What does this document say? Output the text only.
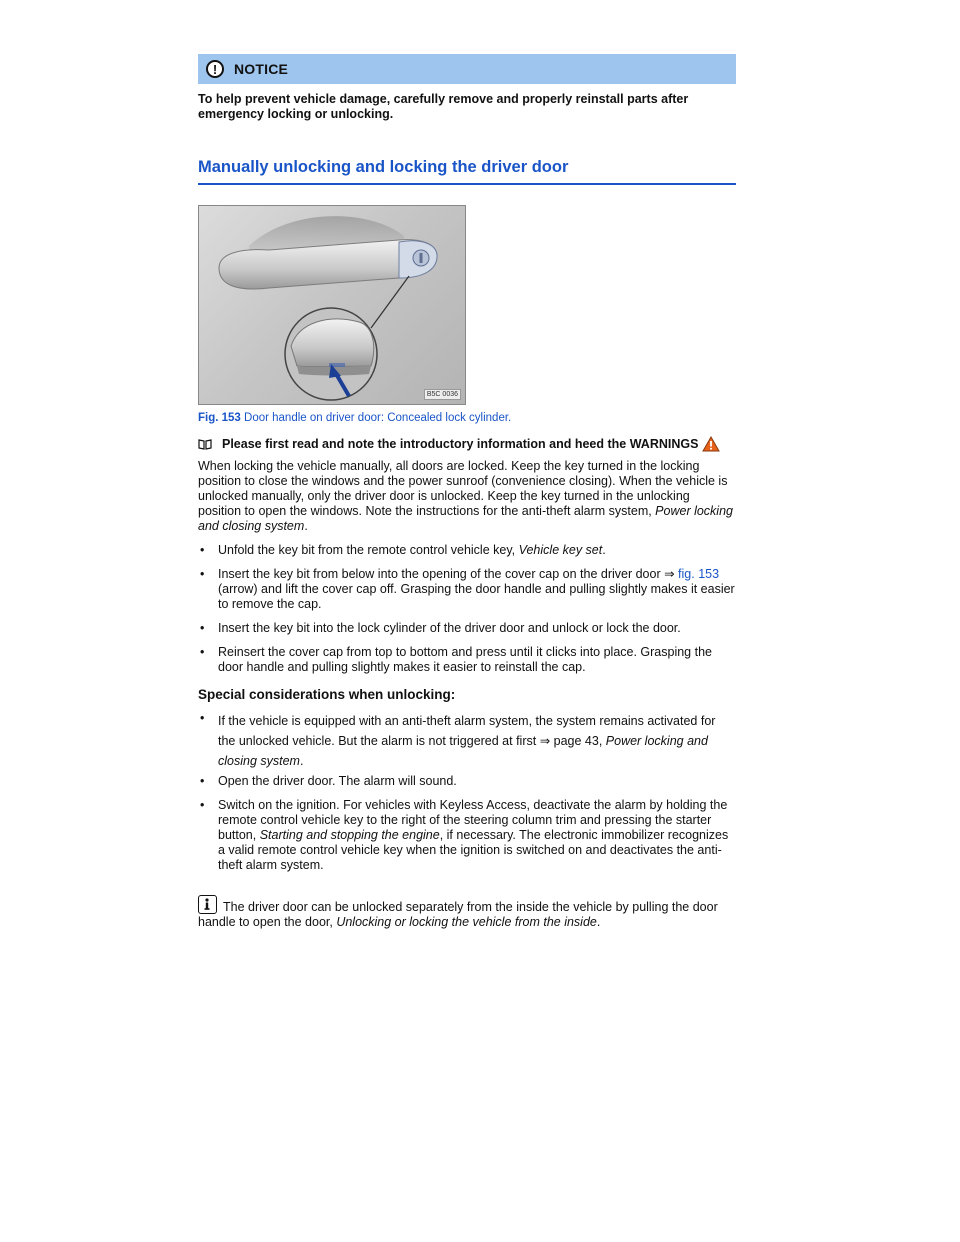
!	NOTICE

To help prevent vehicle damage, carefully remove and properly reinstall parts after emergency locking or unlocking.

Manually unlocking and locking the driver door
B5C 0036
Fig. 153 Door handle on driver door: Concealed lock cylinder.
Please first read and note the introductory information and heed the WARNINGS

When locking the vehicle manually, all doors are locked. Keep the key turned in the locking position to close the windows and the power sunroof (convenience closing). When the vehicle is unlocked manually, only the driver door is unlocked. Keep the key turned in the unlocking position to open the windows. Note the instructions for the anti-theft alarm system, Power locking and closing system.

•	Unfold the key bit from the remote control vehicle key, Vehicle key set.
•	Insert the key bit from below into the opening of the cover cap on the driver door ⇒ fig. 153 (arrow) and lift the cover cap off. Grasping the door handle and pulling slightly makes it easier to remove the cap.
•	Insert the key bit into the lock cylinder of the driver door and unlock or lock the door.
•	Reinsert the cover cap from top to bottom and press until it clicks into place. Grasping the door handle and pulling slightly makes it easier to reinstall the cap.
Special considerations when unlocking:
•	If the vehicle is equipped with an anti-theft alarm system, the system remains activated for the unlocked vehicle. But the alarm is not triggered at first ⇒ page 43, Power locking and closing system.
•	Open the driver door. The alarm will sound.
•	Switch on the ignition. For vehicles with Keyless Access, deactivate the alarm by holding the remote control vehicle key to the right of the steering column trim and pressing the starter button, Starting and stopping the engine, if necessary. The electronic immobilizer recognizes a valid remote control vehicle key when the ignition is switched on and deactivates the anti-theft alarm system.

The driver door can be unlocked separately from the inside the vehicle by pulling the door handle to open the door, Unlocking or locking the vehicle from the inside.
